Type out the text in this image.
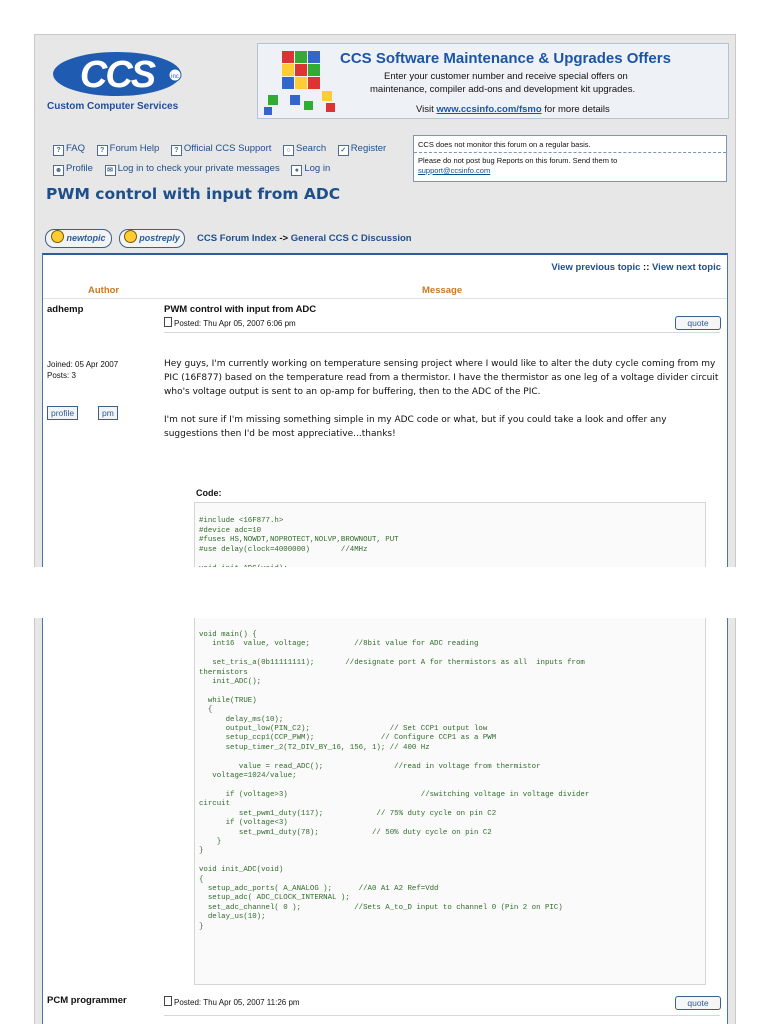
CCS	inc
Custom Computer Services
CCS Software Maintenance & Upgrades Offers
Enter your customer number and receive special offers on
maintenance, compiler add-ons and development kit upgrades.
Visit www.ccsinfo.com/fsmo for more details
? FAQ ? Forum Help ? Official CCS Support ○ Search ✓ Register
☻ Profile ✉ Log in to check your private messages ● Log in
CCS does not monitor this forum on a regular basis.
Please do not post bug Reports on this forum. Send them to
support@ccsinfo.com
PWM control with input from ADC
newtopic	postreply	CCS Forum Index -> General CCS C Discussion
View previous topic :: View next topic
Author	Message
adhemp	PWM control with input from ADC
Posted: Thu Apr 05, 2007 6:06 pm	quote
Joined: 05 Apr 2007
Posts: 3
profile	pm

Hey guys, I'm currently working on temperature sensing project where I would like to alter the duty cycle coming from my PIC (16F877) based on the temperature read from a thermistor. I have the thermistor as one leg of a voltage divider circuit who's voltage output is sent to an op-amp for buffering, then to the ADC of the PIC.

I'm not sure if I'm missing something simple in my ADC code or what, but if you could take a look and offer any suggestions then I'd be most appreciative...thanks!

Code:
#include <16F877.h>
#device adc=10
#fuses HS,NOWDT,NOPROTECT,NOLVP,BROWNOUT, PUT
#use delay(clock=4000000)       //4MHz

void main() {
int16  value, voltage;          //8bit value for ADC reading

set_tris_a(0b11111111);       //designate port A for thermistors as all  inputs from
thermistors
init_ADC();

while(TRUE)
{
delay_ms(10);
output_low(PIN_C2);                  // Set CCP1 output low
setup_ccp1(CCP_PWM);               // Configure CCP1 as a PWM
setup_timer_2(T2_DIV_BY_16, 156, 1); // 400 Hz

value = read_ADC();                //read in voltage from thermistor
voltage=1024/value;

if (voltage>3)                              //switching voltage in voltage divider
circuit
set_pwm1_duty(117);            // 75% duty cycle on pin C2
if (voltage<3)
set_pwm1_duty(78);            // 50% duty cycle on pin C2
}
}

void init_ADC(void)
{
setup_adc_ports( A_ANALOG );      //A0 A1 A2 Ref=Vdd
setup_adc( ADC_CLOCK_INTERNAL );
set_adc_channel( 0 );            //Sets A_to_D input to channel 0 (Pin 2 on PIC)
delay_us(10);
}
PCM programmer	Posted: Thu Apr 05, 2007 11:26 pm	quote
